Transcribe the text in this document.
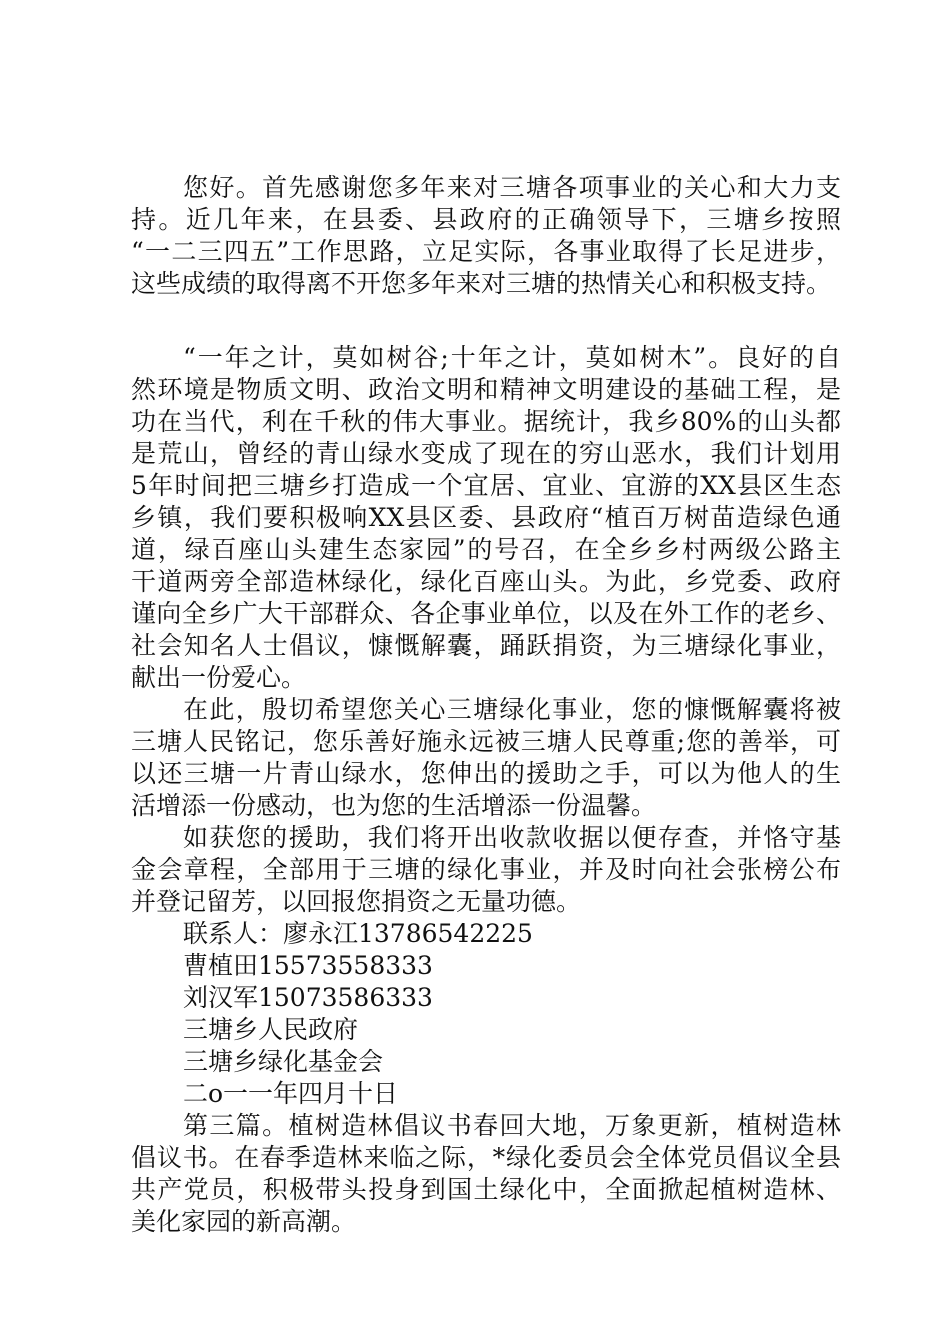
您好。首先感谢您多年来对三塘各项事业的关心和大力支
持。近几年来，在县委、县政府的正确领导下，三塘乡按照
“一二三四五”工作思路，立足实际，各事业取得了长足进步，
这些成绩的取得离不开您多年来对三塘的热情关心和积极支持。
“一年之计，莫如树谷;十年之计，莫如树木”。良好的自
然环境是物质文明、政治文明和精神文明建设的基础工程，是
功在当代，利在千秋的伟大事业。据统计，我乡80%的山头都
是荒山，曾经的青山绿水变成了现在的穷山恶水，我们计划用
5年时间把三塘乡打造成一个宜居、宜业、宜游的XX县区生态
乡镇，我们要积极响XX县区委、县政府“植百万树苗造绿色通
道，绿百座山头建生态家园”的号召，在全乡乡村两级公路主
干道两旁全部造林绿化，绿化百座山头。为此，乡党委、政府
谨向全乡广大干部群众、各企事业单位，以及在外工作的老乡、
社会知名人士倡议，慷慨解囊，踊跃捐资，为三塘绿化事业，
献出一份爱心。
在此，殷切希望您关心三塘绿化事业，您的慷慨解囊将被
三塘人民铭记，您乐善好施永远被三塘人民尊重;您的善举，可
以还三塘一片青山绿水，您伸出的援助之手，可以为他人的生
活增添一份感动，也为您的生活增添一份温馨。
如获您的援助，我们将开出收款收据以便存查，并恪守基
金会章程，全部用于三塘的绿化事业，并及时向社会张榜公布
并登记留芳，以回报您捐资之无量功德。
联系人：廖永江13786542225
曹植田15573558333
刘汉军15073586333
三塘乡人民政府
三塘乡绿化基金会
二o一一年四月十日
第三篇。植树造林倡议书春回大地，万象更新，植树造林
倡议书。在春季造林来临之际，*绿化委员会全体党员倡议全县
共产党员，积极带头投身到国土绿化中，全面掀起植树造林、
美化家园的新高潮。
